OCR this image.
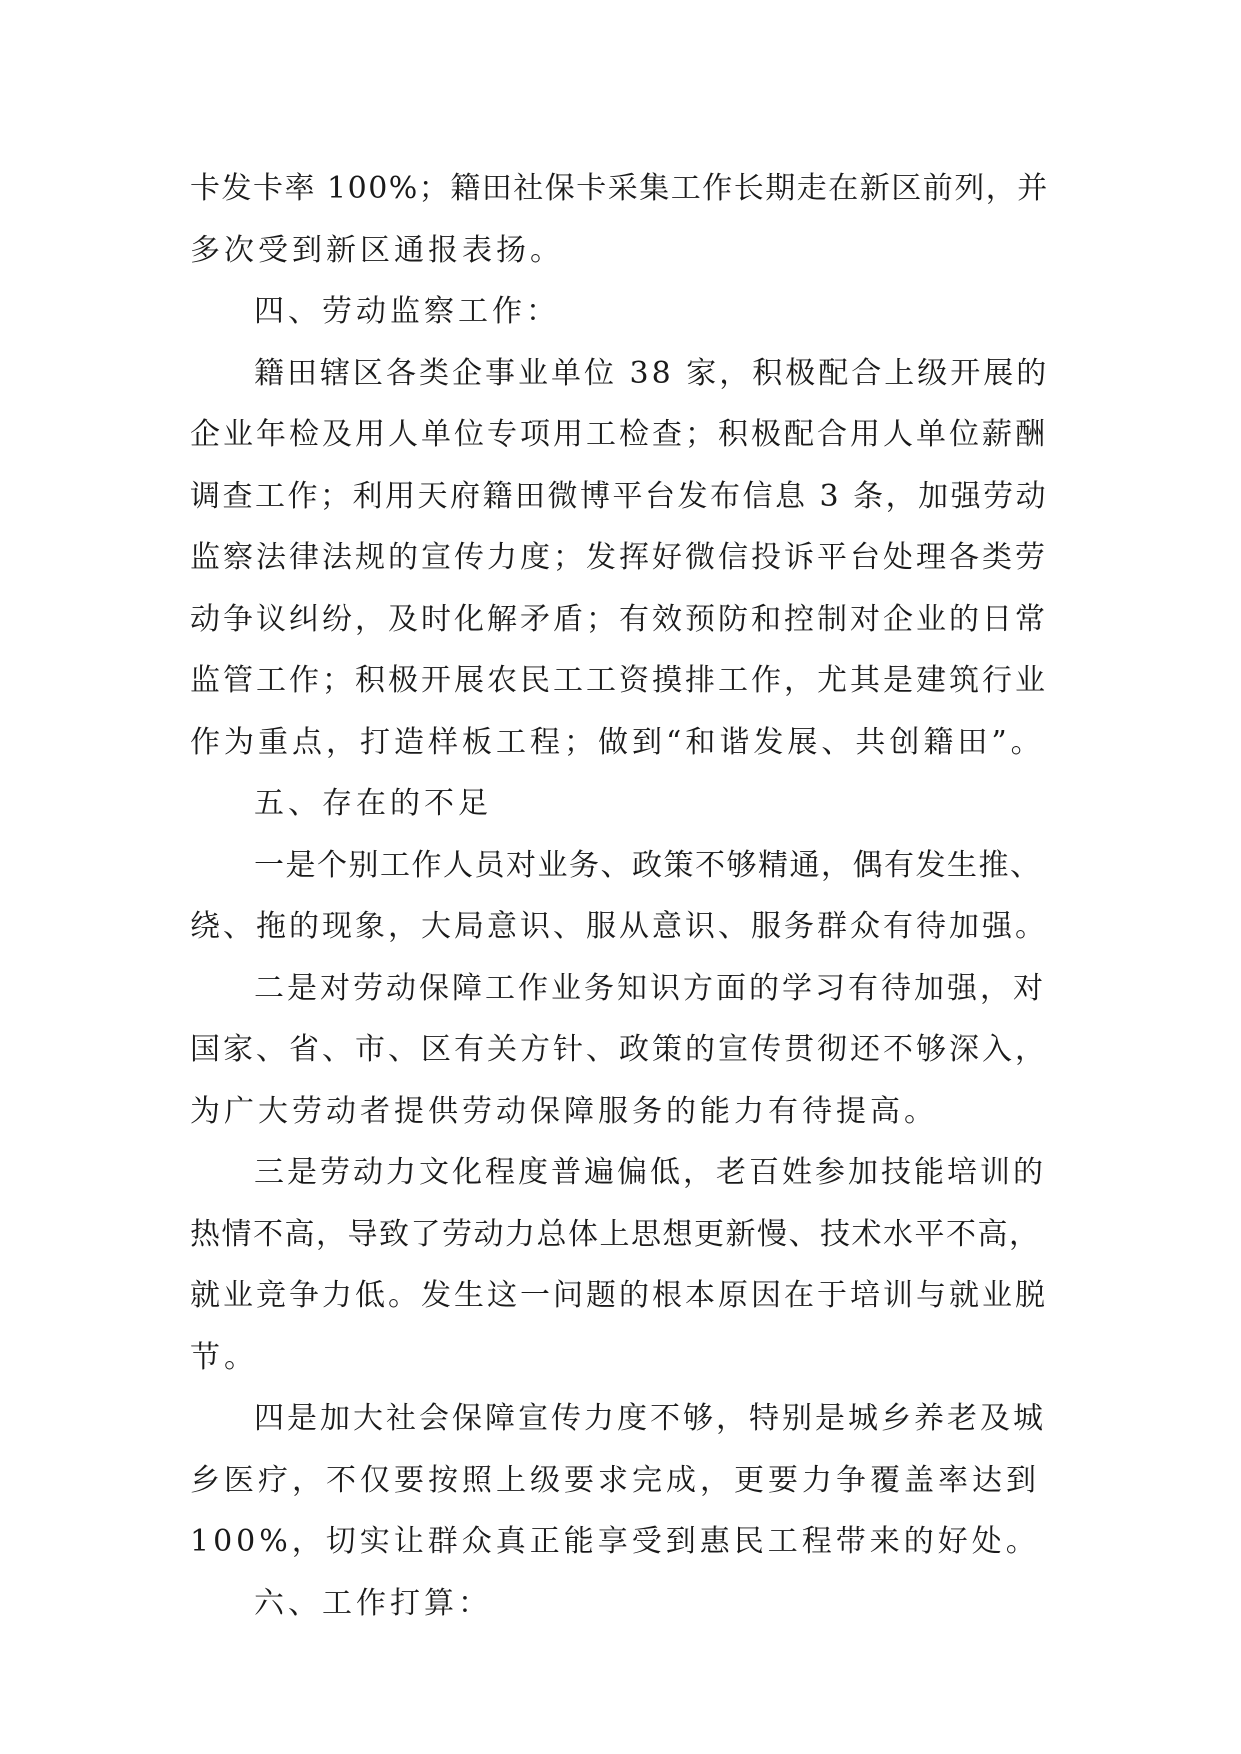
卡发卡率 100%；籍田社保卡采集工作长期走在新区前列，并
多次受到新区通报表扬。
四、劳动监察工作：
籍田辖区各类企事业单位 38 家，积极配合上级开展的
企业年检及用人单位专项用工检查；积极配合用人单位薪酬
调查工作；利用天府籍田微博平台发布信息 3 条，加强劳动
监察法律法规的宣传力度；发挥好微信投诉平台处理各类劳
动争议纠纷，及时化解矛盾；有效预防和控制对企业的日常
监管工作；积极开展农民工工资摸排工作，尤其是建筑行业
作为重点，打造样板工程；做到“和谐发展、共创籍田”。
五、存在的不足
一是个别工作人员对业务、政策不够精通，偶有发生推、
绕、拖的现象，大局意识、服从意识、服务群众有待加强。
二是对劳动保障工作业务知识方面的学习有待加强，对
国家、省、市、区有关方针、政策的宣传贯彻还不够深入，
为广大劳动者提供劳动保障服务的能力有待提高。
三是劳动力文化程度普遍偏低，老百姓参加技能培训的
热情不高，导致了劳动力总体上思想更新慢、技术水平不高，
就业竞争力低。发生这一问题的根本原因在于培训与就业脱
节。
四是加大社会保障宣传力度不够，特别是城乡养老及城
乡医疗，不仅要按照上级要求完成，更要力争覆盖率达到
100%，切实让群众真正能享受到惠民工程带来的好处。
六、工作打算：
